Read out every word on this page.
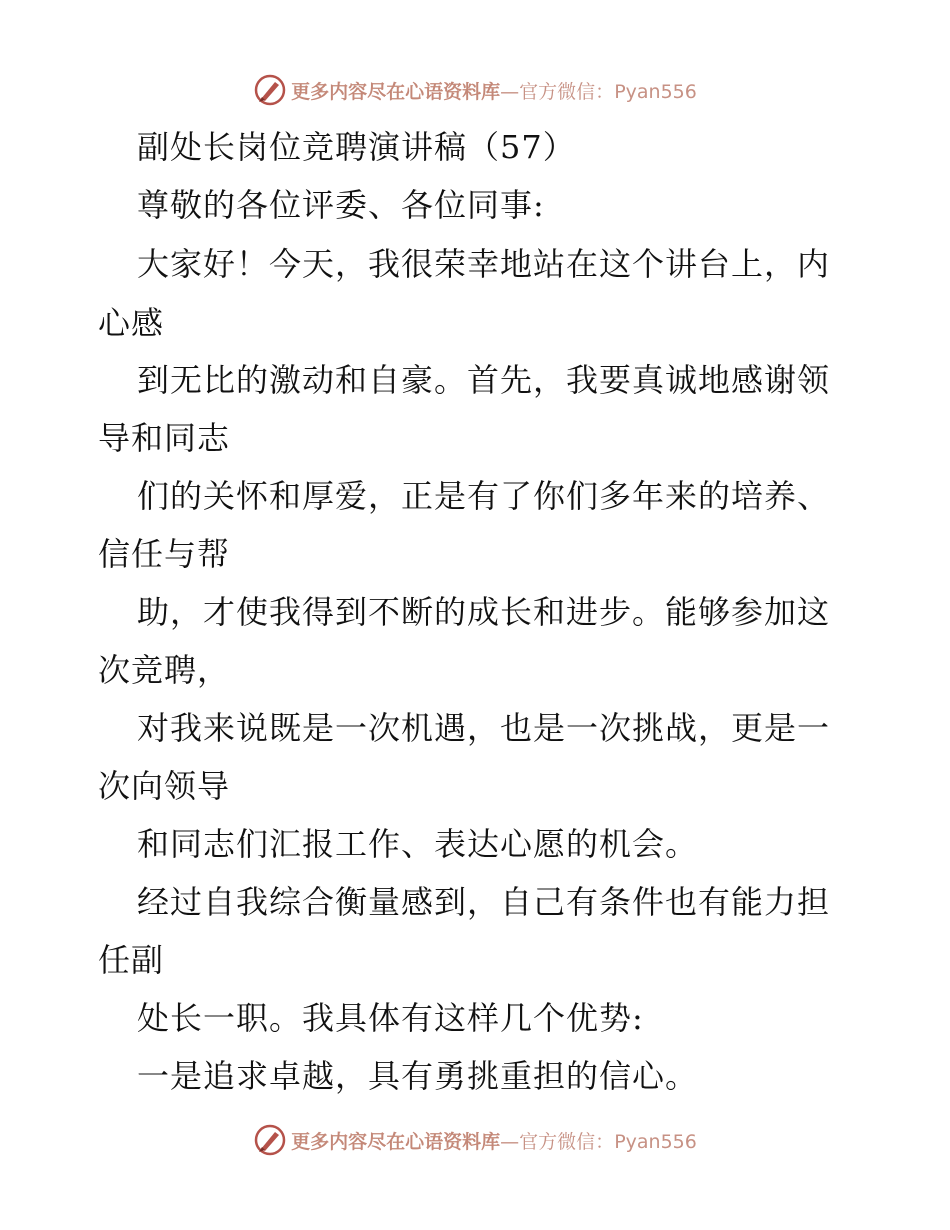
更多内容尽在心语资料库—官方微信：Pyan556
副处长岗位竞聘演讲稿（57）
尊敬的各位评委、各位同事:
大家好！今天，我很荣幸地站在这个讲台上，内
心感
到无比的激动和自豪。首先，我要真诚地感谢领
导和同志
们的关怀和厚爱，正是有了你们多年来的培养、
信任与帮
助，才使我得到不断的成长和进步。能够参加这
次竞聘，
对我来说既是一次机遇，也是一次挑战，更是一
次向领导
和同志们汇报工作、表达心愿的机会。
经过自我综合衡量感到，自己有条件也有能力担
任副
处长一职。我具体有这样几个优势:
一是追求卓越，具有勇挑重担的信心。
更多内容尽在心语资料库—官方微信：Pyan556
